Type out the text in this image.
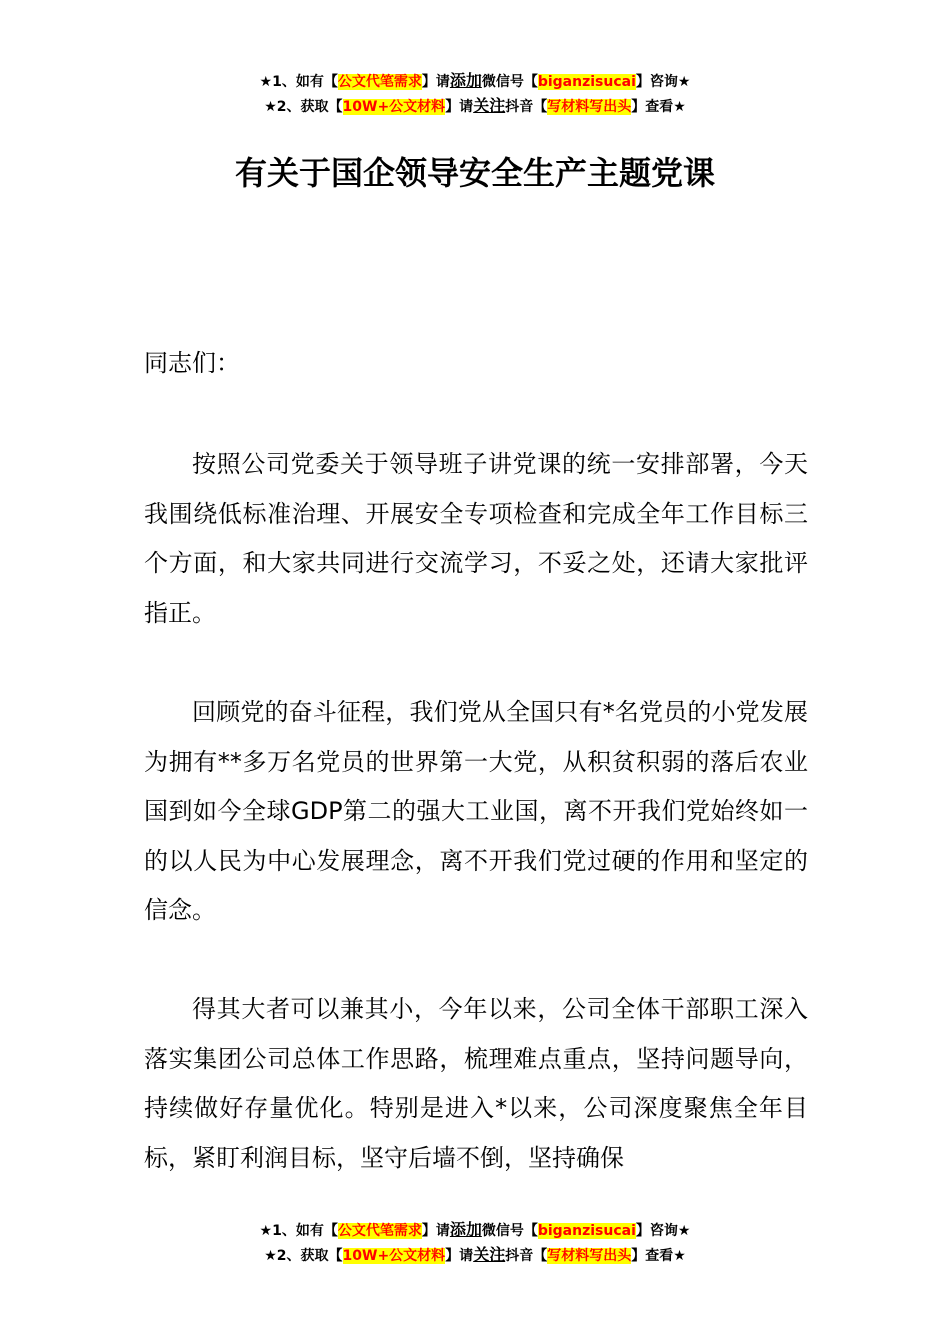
★1、如有【公文代笔需求】请添加微信号【biganzisucai】咨询★
★2、获取【10W+公文材料】请关注抖音【写材料写出头】查看★
有关于国企领导安全生产主题党课
同志们：
按照公司党委关于领导班子讲党课的统一安排部署，今天我围绕低标准治理、开展安全专项检查和完成全年工作目标三个方面，和大家共同进行交流学习，不妥之处，还请大家批评指正。
回顾党的奋斗征程，我们党从全国只有*名党员的小党发展为拥有**多万名党员的世界第一大党，从积贫积弱的落后农业国到如今全球GDP第二的强大工业国，离不开我们党始终如一的以人民为中心发展理念，离不开我们党过硬的作用和坚定的信念。
得其大者可以兼其小，今年以来，公司全体干部职工深入落实集团公司总体工作思路，梳理难点重点，坚持问题导向，持续做好存量优化。特别是进入*以来，公司深度聚焦全年目标，紧盯利润目标，坚守后墙不倒，坚持确保
★1、如有【公文代笔需求】请添加微信号【biganzisucai】咨询★
★2、获取【10W+公文材料】请关注抖音【写材料写出头】查看★
